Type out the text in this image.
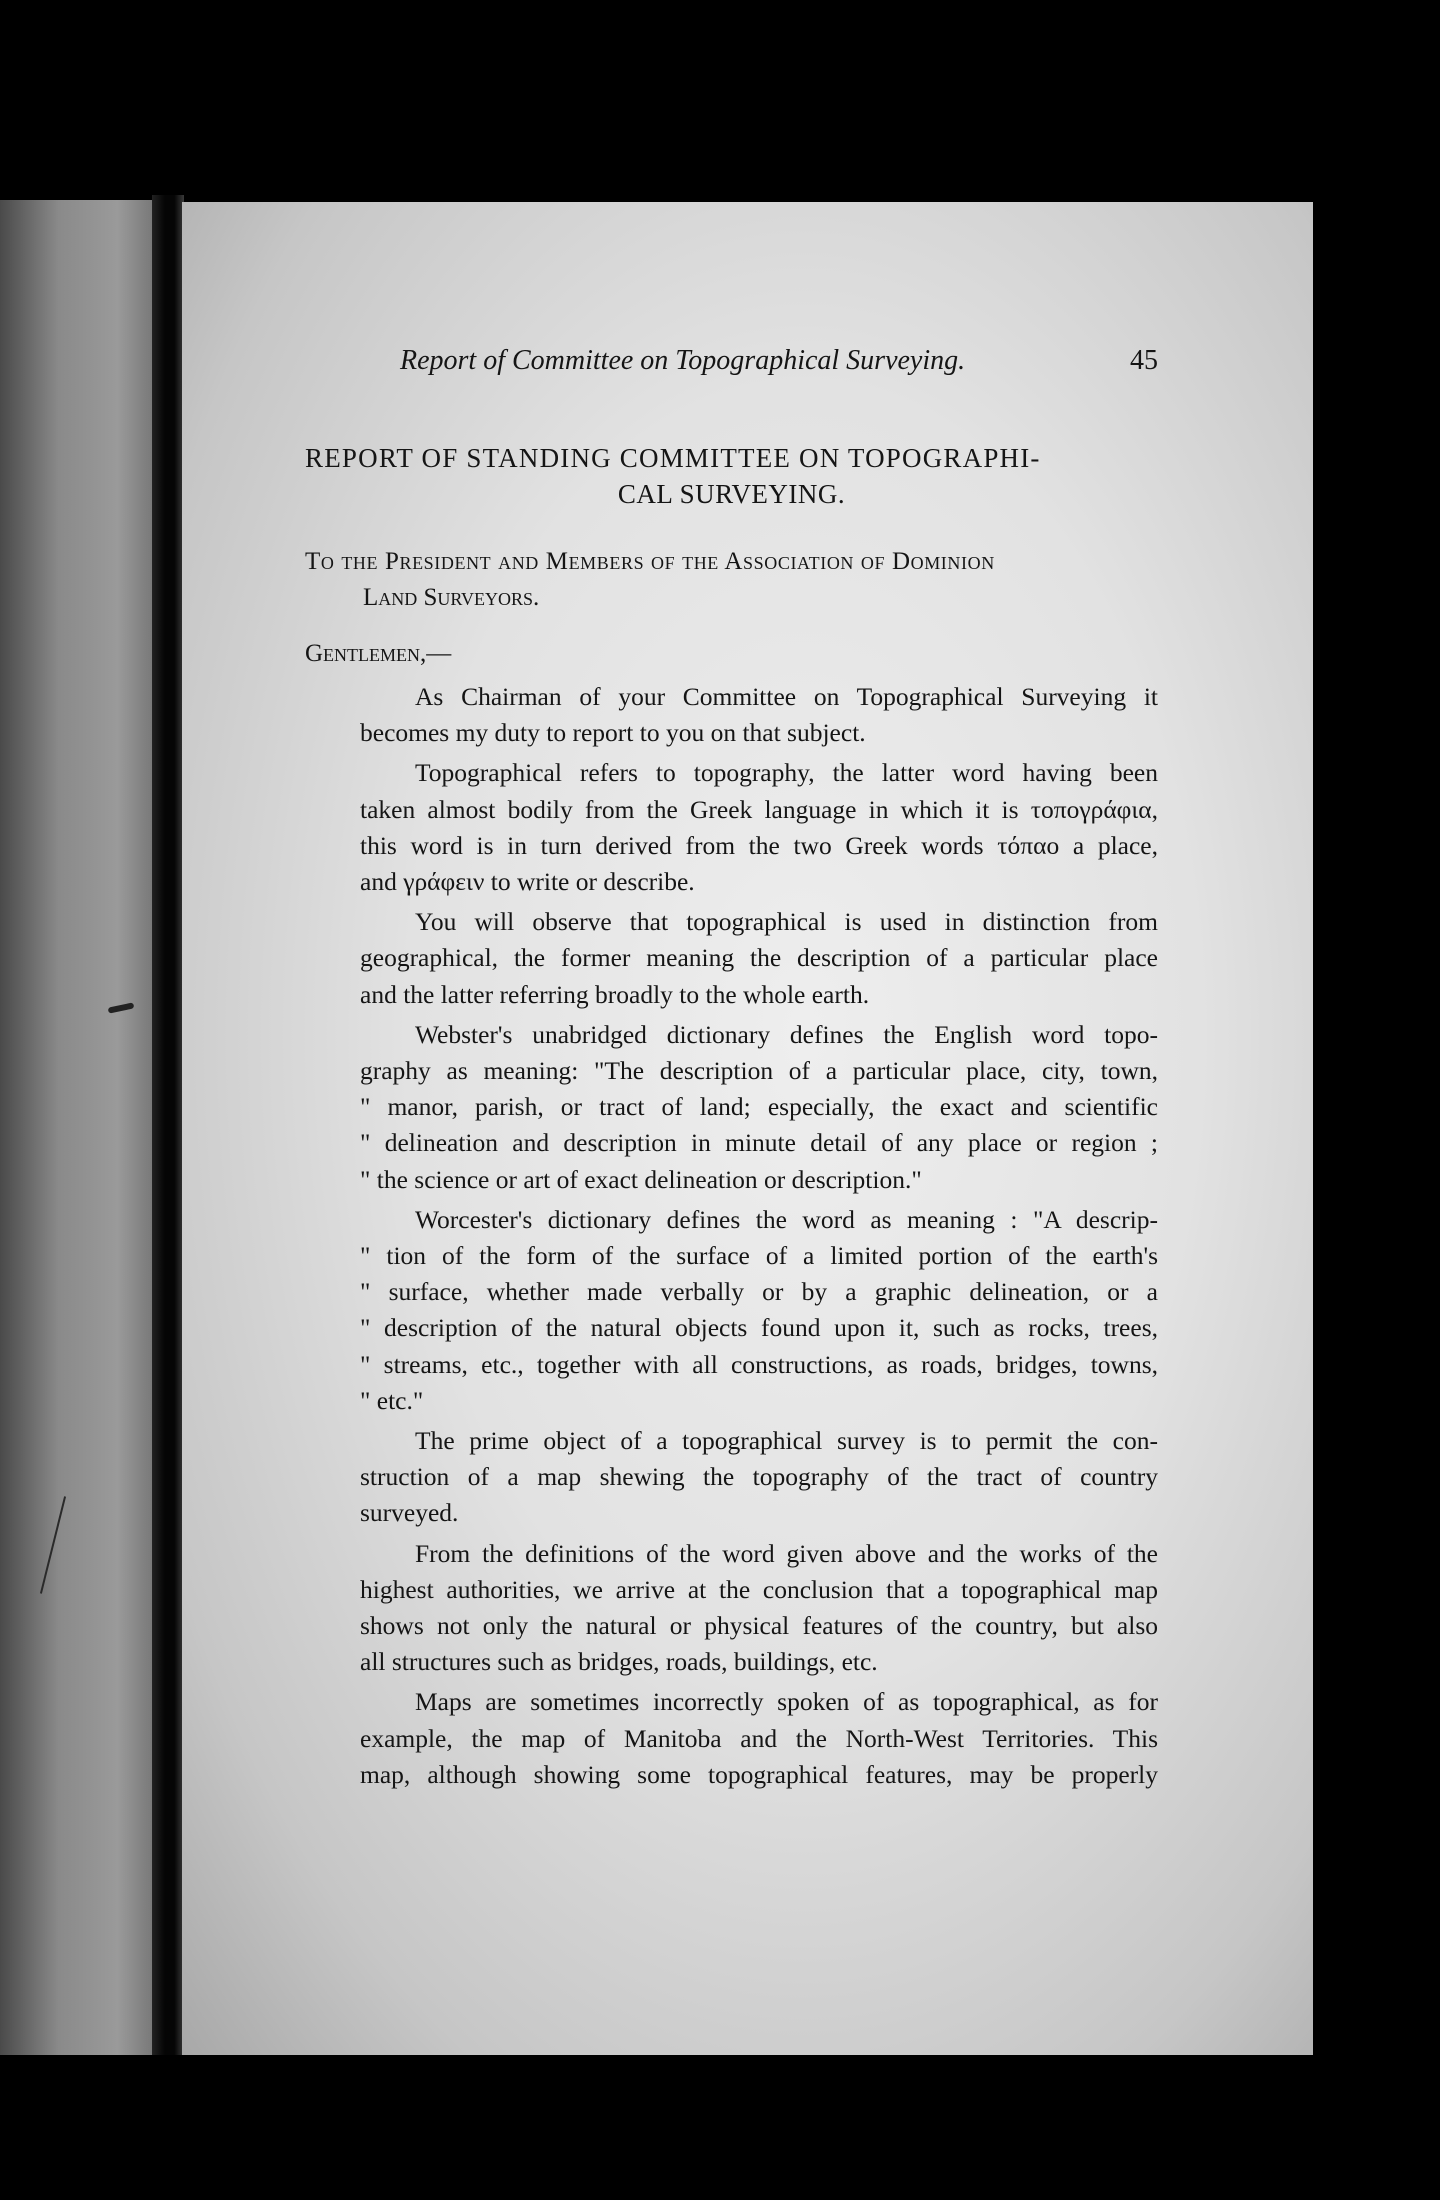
Report of Committee on Topographical Surveying.	45
REPORT OF STANDING COMMITTEE ON TOPOGRAPHI-
CAL SURVEYING.
To the President and Members of the Association of Dominion
Land Surveyors.
Gentlemen,—

As Chairman of your Committee on Topographical Surveying it
becomes my duty to report to you on that subject.

Topographical refers to topography, the latter word having been
taken almost bodily from the Greek language in which it is τοπογράφια,
this word is in turn derived from the two Greek words τόπαο a place,
and γράφειν to write or describe.

You will observe that topographical is used in distinction from
geographical, the former meaning the description of a particular place
and the latter referring broadly to the whole earth.

Webster's unabridged dictionary defines the English word topo-
graphy as meaning: "The description of a particular place, city, town,
" manor, parish, or tract of land; especially, the exact and scientific
" delineation and description in minute detail of any place or region ;
" the science or art of exact delineation or description."

Worcester's dictionary defines the word as meaning : "A descrip-
" tion of the form of the surface of a limited portion of the earth's
" surface, whether made verbally or by a graphic delineation, or a
" description of the natural objects found upon it, such as rocks, trees,
" streams, etc., together with all constructions, as roads, bridges, towns,
" etc."

The prime object of a topographical survey is to permit the con-
struction of a map shewing the topography of the tract of country
surveyed.

From the definitions of the word given above and the works of the
highest authorities, we arrive at the conclusion that a topographical map
shows not only the natural or physical features of the country, but also
all structures such as bridges, roads, buildings, etc.

Maps are sometimes incorrectly spoken of as topographical, as for
example, the map of Manitoba and the North-West Territories. This
map, although showing some topographical features, may be properly
